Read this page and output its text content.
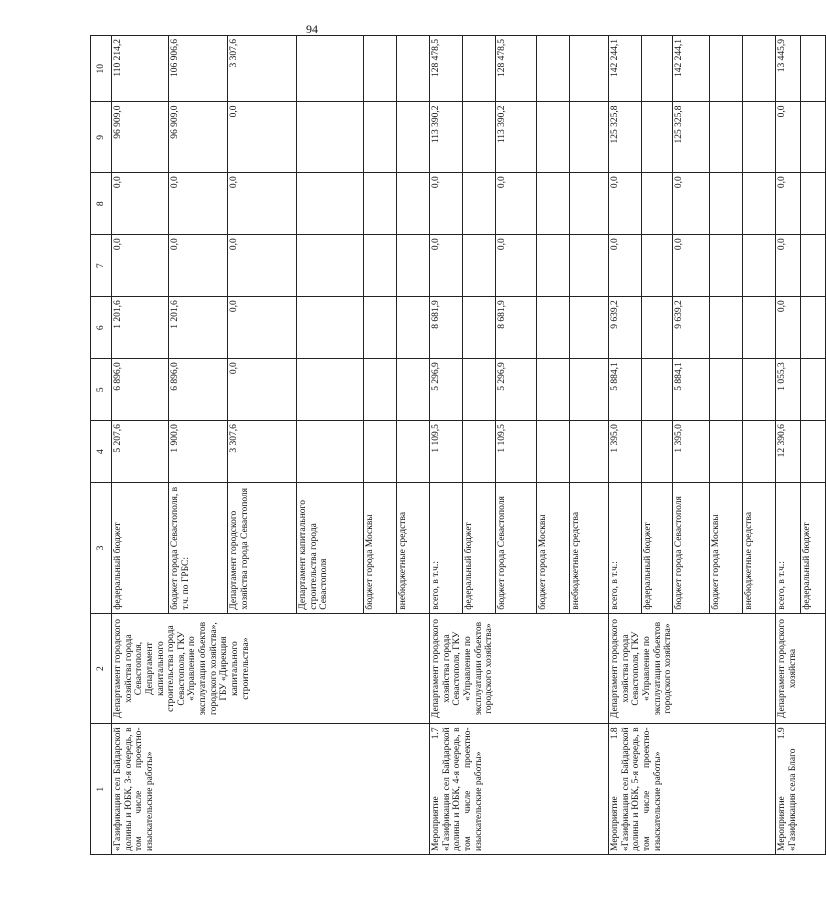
94
1	2	3	4	5	6	7	8	9	10
«Газификация сел Байдарской долины и ЮБК, 3-я очередь, в том числе проектно-изыскательские работы»	Департамент городского хозяйства города Севастополя, Департамент капитального строительства города Севастополя, ГКУ «Управление по эксплуатации объектов городского хозяйства», ГБУ «Дирекция капитального строительства»	федеральный бюджет	5 207,6	6 896,0	1 201,6	0,0	0,0	96 909,0	110 214,2
		бюджет города Севастополя, в т.ч. по ГРБС:	1 900,0	6 896,0	1 201,6	0,0	0,0	96 909,0	106 906,6
		Департамент городского хозяйства города Севастополя	3 307,6	0,0	0,0	0,0	0,0	0,0	3 307,6
		Департамент капитального строительства города Севастополя							
		бюджет города Москвы							
		внебюджетные средства							
Мероприятие 1.7 «Газификация сел Байдарской долины и ЮБК, 4-я очередь, в том числе проектно-изыскательские работы»	Департамент городского хозяйства города Севастополя, ГКУ «Управление по эксплуатации объектов городского хозяйства»	всего, в т.ч.:	1 109,5	5 296,9	8 681,9	0,0	0,0	113 390,2	128 478,5
		федеральный бюджет							
		бюджет города Севастополя	1 109,5	5 296,9	8 681,9	0,0	0,0	113 390,2	128 478,5
		бюджет города Москвы							
		внебюджетные средства							
Мероприятие 1.8 «Газификация сел Байдарской долины и ЮБК, 5-я очередь, в том числе проектно-изыскательские работы»	Департамент городского хозяйства города Севастополя, ГКУ «Управление по эксплуатации объектов городского хозяйства»	всего, в т.ч.:	1 395,0	5 884,1	9 639,2	0,0	0,0	125 325,8	142 244,1
		федеральный бюджет							
		бюджет города Севастополя	1 395,0	5 884,1	9 639,2	0,0	0,0	125 325,8	142 244,1
		бюджет города Москвы							
		внебюджетные средства							
Мероприятие 1.9 «Газификация села Благо	Департамент городского хозяйства	всего, в т.ч.:	12 390,6	1 055,3	0,0	0,0	0,0	0,0	13 445,9
		федеральный бюджет							
